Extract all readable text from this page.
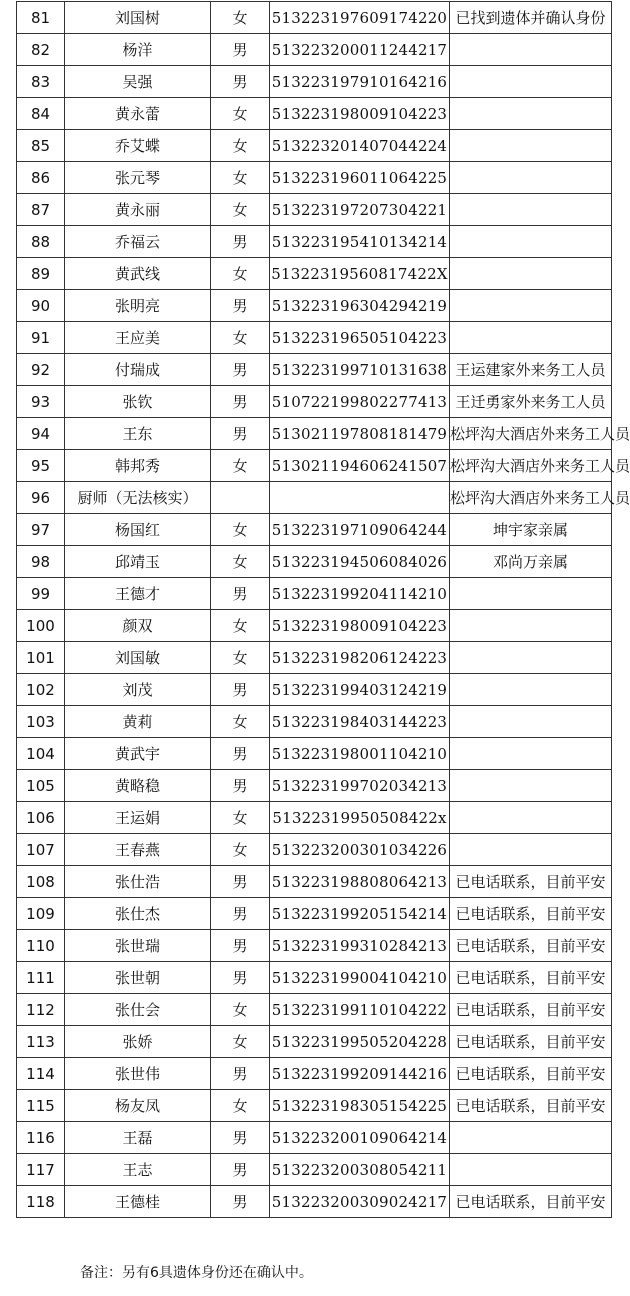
81	刘国树	女	513223197609174220	已找到遗体并确认身份
82	杨洋	男	513223200011244217	
83	吴强	男	513223197910164216	
84	黄永蕾	女	513223198009104223	
85	乔艾蝶	女	513223201407044224	
86	张元琴	女	513223196011064225	
87	黄永丽	女	513223197207304221	
88	乔福云	男	513223195410134214	
89	黄武线	女	51322319560817422X	
90	张明亮	男	513223196304294219	
91	王应美	女	513223196505104223	
92	付瑞成	男	513223199710131638	王运建家外来务工人员
93	张钦	男	510722199802277413	王迁勇家外来务工人员
94	王东	男	513021197808181479	松坪沟大酒店外来务工人员
95	韩邦秀	女	513021194606241507	松坪沟大酒店外来务工人员
96	厨师（无法核实）			松坪沟大酒店外来务工人员
97	杨国红	女	513223197109064244	坤宇家亲属
98	邱靖玉	女	513223194506084026	邓尚万亲属
99	王德才	男	513223199204114210	
100	颜双	女	513223198009104223	
101	刘国敏	女	513223198206124223	
102	刘茂	男	513223199403124219	
103	黄莉	女	513223198403144223	
104	黄武宇	男	513223198001104210	
105	黄略稳	男	513223199702034213	
106	王运娟	女	51322319950508422x	
107	王春燕	女	513223200301034226	
108	张仕浩	男	513223198808064213	已电话联系，目前平安
109	张仕杰	男	513223199205154214	已电话联系，目前平安
110	张世瑞	男	513223199310284213	已电话联系，目前平安
111	张世朝	男	513223199004104210	已电话联系，目前平安
112	张仕会	女	513223199110104222	已电话联系，目前平安
113	张娇	女	513223199505204228	已电话联系，目前平安
114	张世伟	男	513223199209144216	已电话联系，目前平安
115	杨友凤	女	513223198305154225	已电话联系，目前平安
116	王磊	男	513223200109064214	
117	王志	男	513223200308054211	
118	王德桂	男	513223200309024217	已电话联系，目前平安
备注：另有6具遗体身份还在确认中。
